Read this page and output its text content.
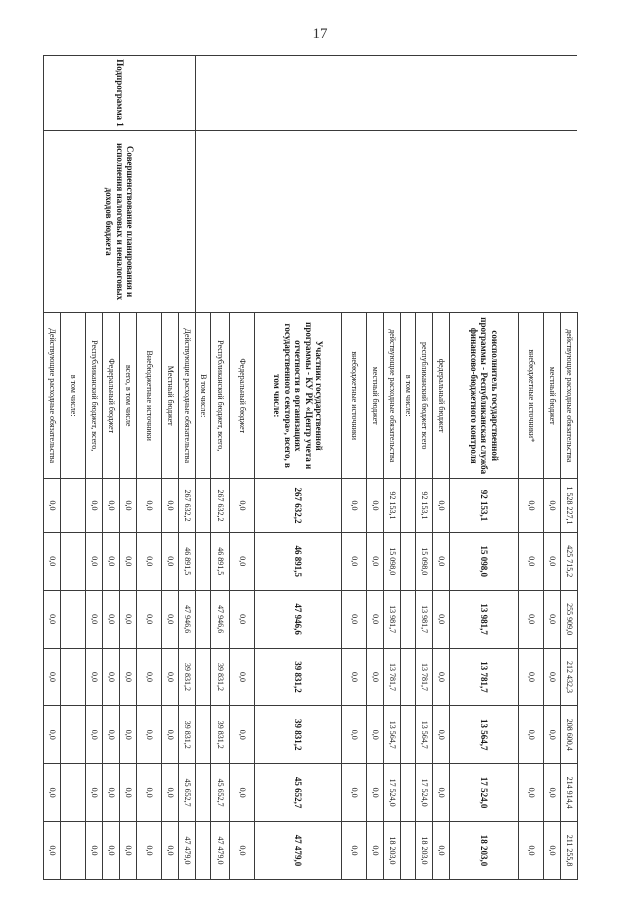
17
		действующие расходные обязательства	1 528 227,1	425 715,2	255 909,0	212 432,3	208 600,4	214 914,4	211 255,8
		местный бюджет	0,0	0,0	0,0	0,0	0,0	0,0	0,0
		внебюджетные источники*	0,0	0,0	0,0	0,0	0,0	0,0	0,0
		соисполнитель государственной программы - Республиканская служба финансово-бюджетного контроля	92 153,1	15 098,0	13 981,7	13 781,7	13 564,7	17 524,0	18 203,0
		федеральный бюджет	0,0	0,0	0,0	0,0	0,0	0,0	0,0
		республиканский бюджет всего	92 153,1	15 098,0	13 981,7	13 781,7	13 564,7	17 524,0	18 203,0
		в том числе:							
		действующие расходные обязательства	92 153,1	15 098,0	13 981,7	13 781,7	13 564,7	17 524,0	18 203,0
		местный бюджет	0,0	0,0	0,0	0,0	0,0	0,0	0,0
		внебюджетные источники	0,0	0,0	0,0	0,0	0,0	0,0	0,0
		Участник государственной программы - КУ РК «Центр учета и отчетности в организациях государственного сектора», всего, в том числе:	267 632,2	46 891,5	47 946,6	39 831,2	39 831,2	45 652,7	47 479,0
		Федеральный бюджет	0,0	0,0	0,0	0,0	0,0	0,0	0,0
		Республиканский бюджет, всего,	267 632,2	46 891,5	47 946,6	39 831,2	39 831,2	45 652,7	47 479,0
		В том числе:							
Подпрограмма 1	Совершенствование планирования и исполнения налоговых и неналоговых доходов бюджета	Действующие расходные обязательства	267 632,2	46 891,5	47 946,6	39 831,2	39 831,2	45 652,7	47 479,0
		Местный бюджет	0,0	0,0	0,0	0,0	0,0	0,0	0,0
		Внебюджетные источники	0,0	0,0	0,0	0,0	0,0	0,0	0,0
		всего, в том числе	0,0	0,0	0,0	0,0	0,0	0,0	0,0
		Федеральный бюджет	0,0	0,0	0,0	0,0	0,0	0,0	0,0
		Республиканский бюджет, всего,	0,0	0,0	0,0	0,0	0,0	0,0	0,0
		в том числе:							
		Действующие расходные обязательства	0,0	0,0	0,0	0,0	0,0	0,0	0,0
